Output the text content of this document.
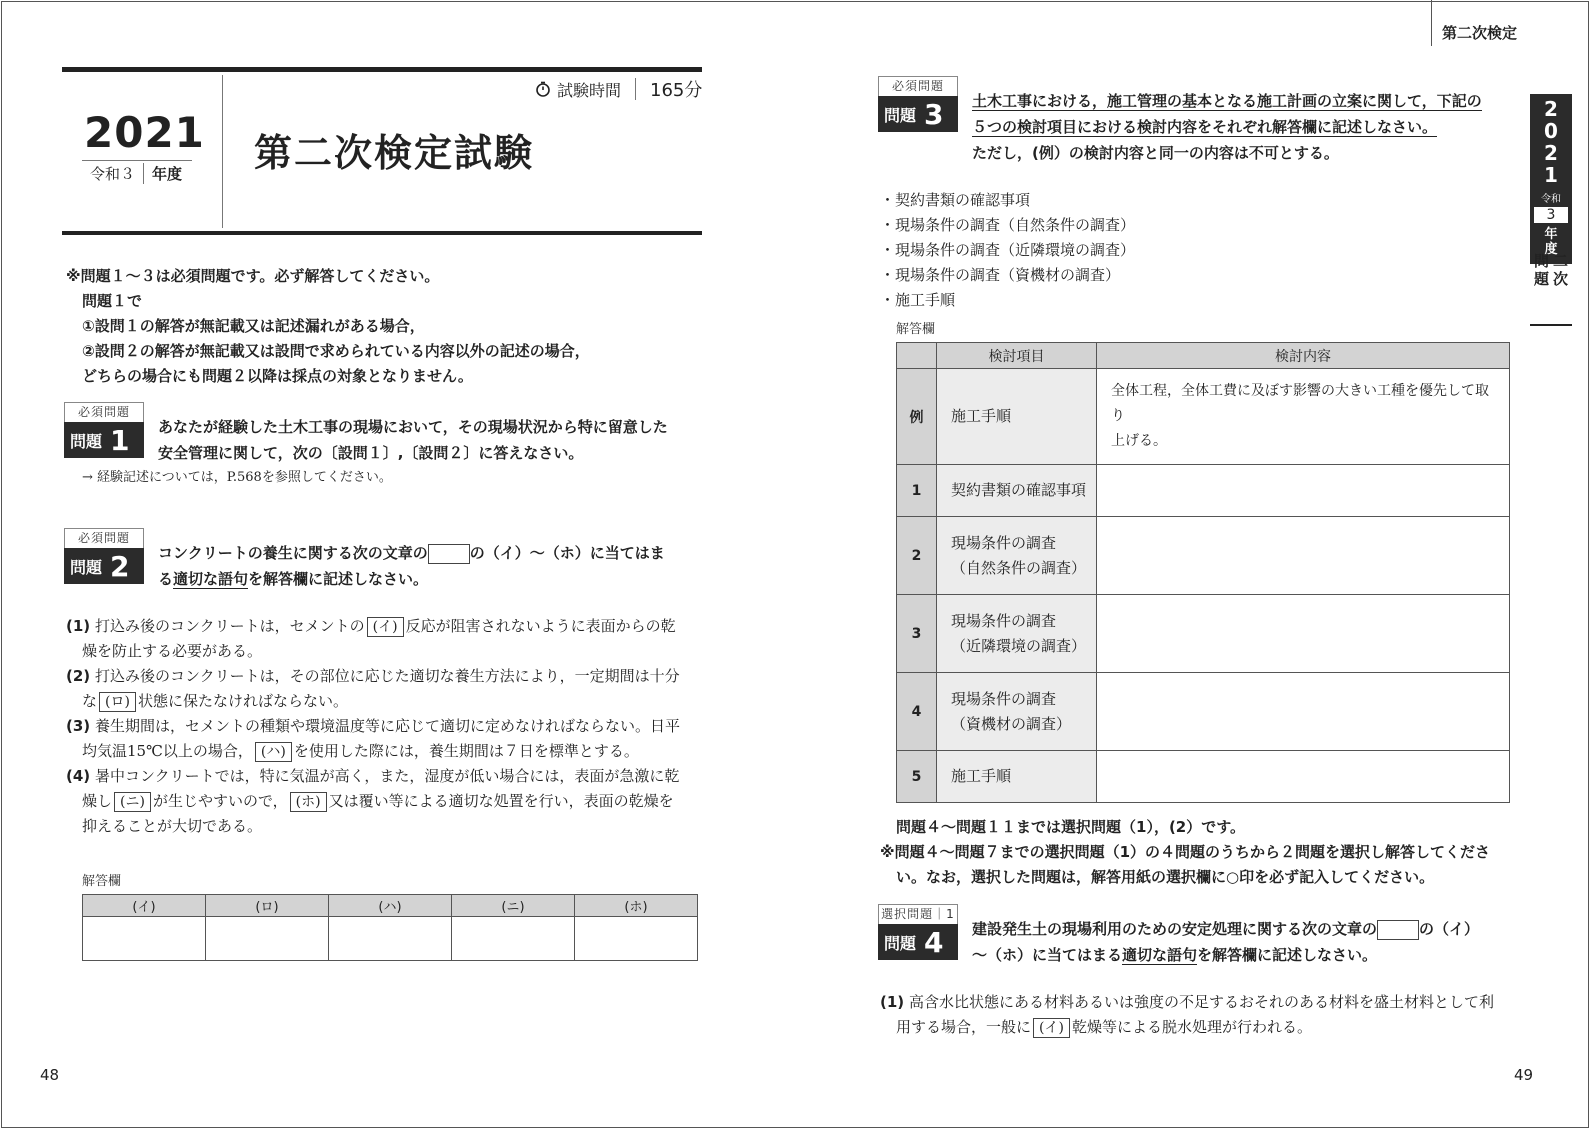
2021
令和３	年度 第二次検定試験
試験時間 165分
※問題１〜３は必須問題です。必ず解答してください。
問題１で
①設問１の解答が無記載又は記述漏れがある場合，
②設問２の解答が無記載又は設問で求められている内容以外の記述の場合，
どちらの場合にも問題２以降は採点の対象となりません。
必須問題
問題 1 あなたが経験した土木工事の現場において，その現場状況から特に留意した
安全管理に関して，次の〔設問１〕,〔設問２〕に答えなさい。
→ 経験記述については，P.568を参照してください。
必須問題
問題 2 コンクリートの養生に関する次の文章の	の（イ）〜（ホ）に当てはま
る適切な語句を解答欄に記述しなさい。
(1) 打込み後のコンクリートは，セメントの (イ) 反応が阻害されないように表面からの乾
燥を防止する必要がある。
(2) 打込み後のコンクリートは，その部位に応じた適切な養生方法により，一定期間は十分
な (ロ) 状態に保たなければならない。
(3) 養生期間は，セメントの種類や環境温度等に応じて適切に定めなければならない。日平
均気温15℃以上の場合， (ハ) を使用した際には，養生期間は７日を標準とする。
(4) 暑中コンクリートでは，特に気温が高く，また，湿度が低い場合には，表面が急激に乾
燥し (ニ) が生じやすいので， (ホ) 又は覆い等による適切な処置を行い，表面の乾燥を
抑えることが大切である。
解答欄
(イ)	(ロ)	(ハ)	(ニ)	(ホ)

48
第二次検定
2021
令和
3
年度
問題
二次
必須問題
問題 3 土木工事における，施工管理の基本となる施工計画の立案に関して，下記の
５つの検討項目における検討内容をそれぞれ解答欄に記述しなさい。
ただし，(例）の検討内容と同一の内容は不可とする。
・契約書類の確認事項
・現場条件の調査（自然条件の調査）
・現場条件の調査（近隣環境の調査）
・現場条件の調査（資機材の調査）
・施工手順
解答欄
	検討項目	検討内容
例	施工手順	全体工程，全体工費に及ぼす影響の大きい工種を優先して取り
上げる。

1	契約書類の確認事項	

2	現場条件の調査
（自然条件の調査）	

3	現場条件の調査
（近隣環境の調査）	

4	現場条件の調査
（資機材の調査）	

5	施工手順	

問題４〜問題１１までは選択問題（1），(2）です。
※問題４〜問題７までの選択問題（1）の４問題のうちから２問題を選択し解答してくださ
い。なお，選択した問題は，解答用紙の選択欄に○印を必ず記入してください。
選択問題｜1
問題 4 建設発生土の現場利用のための安定処理に関する次の文章の	の（イ）
〜（ホ）に当てはまる適切な語句を解答欄に記述しなさい。
(1) 高含水比状態にある材料あるいは強度の不足するおそれのある材料を盛土材料として利
用する場合，一般に (イ) 乾燥等による脱水処理が行われる。
49
